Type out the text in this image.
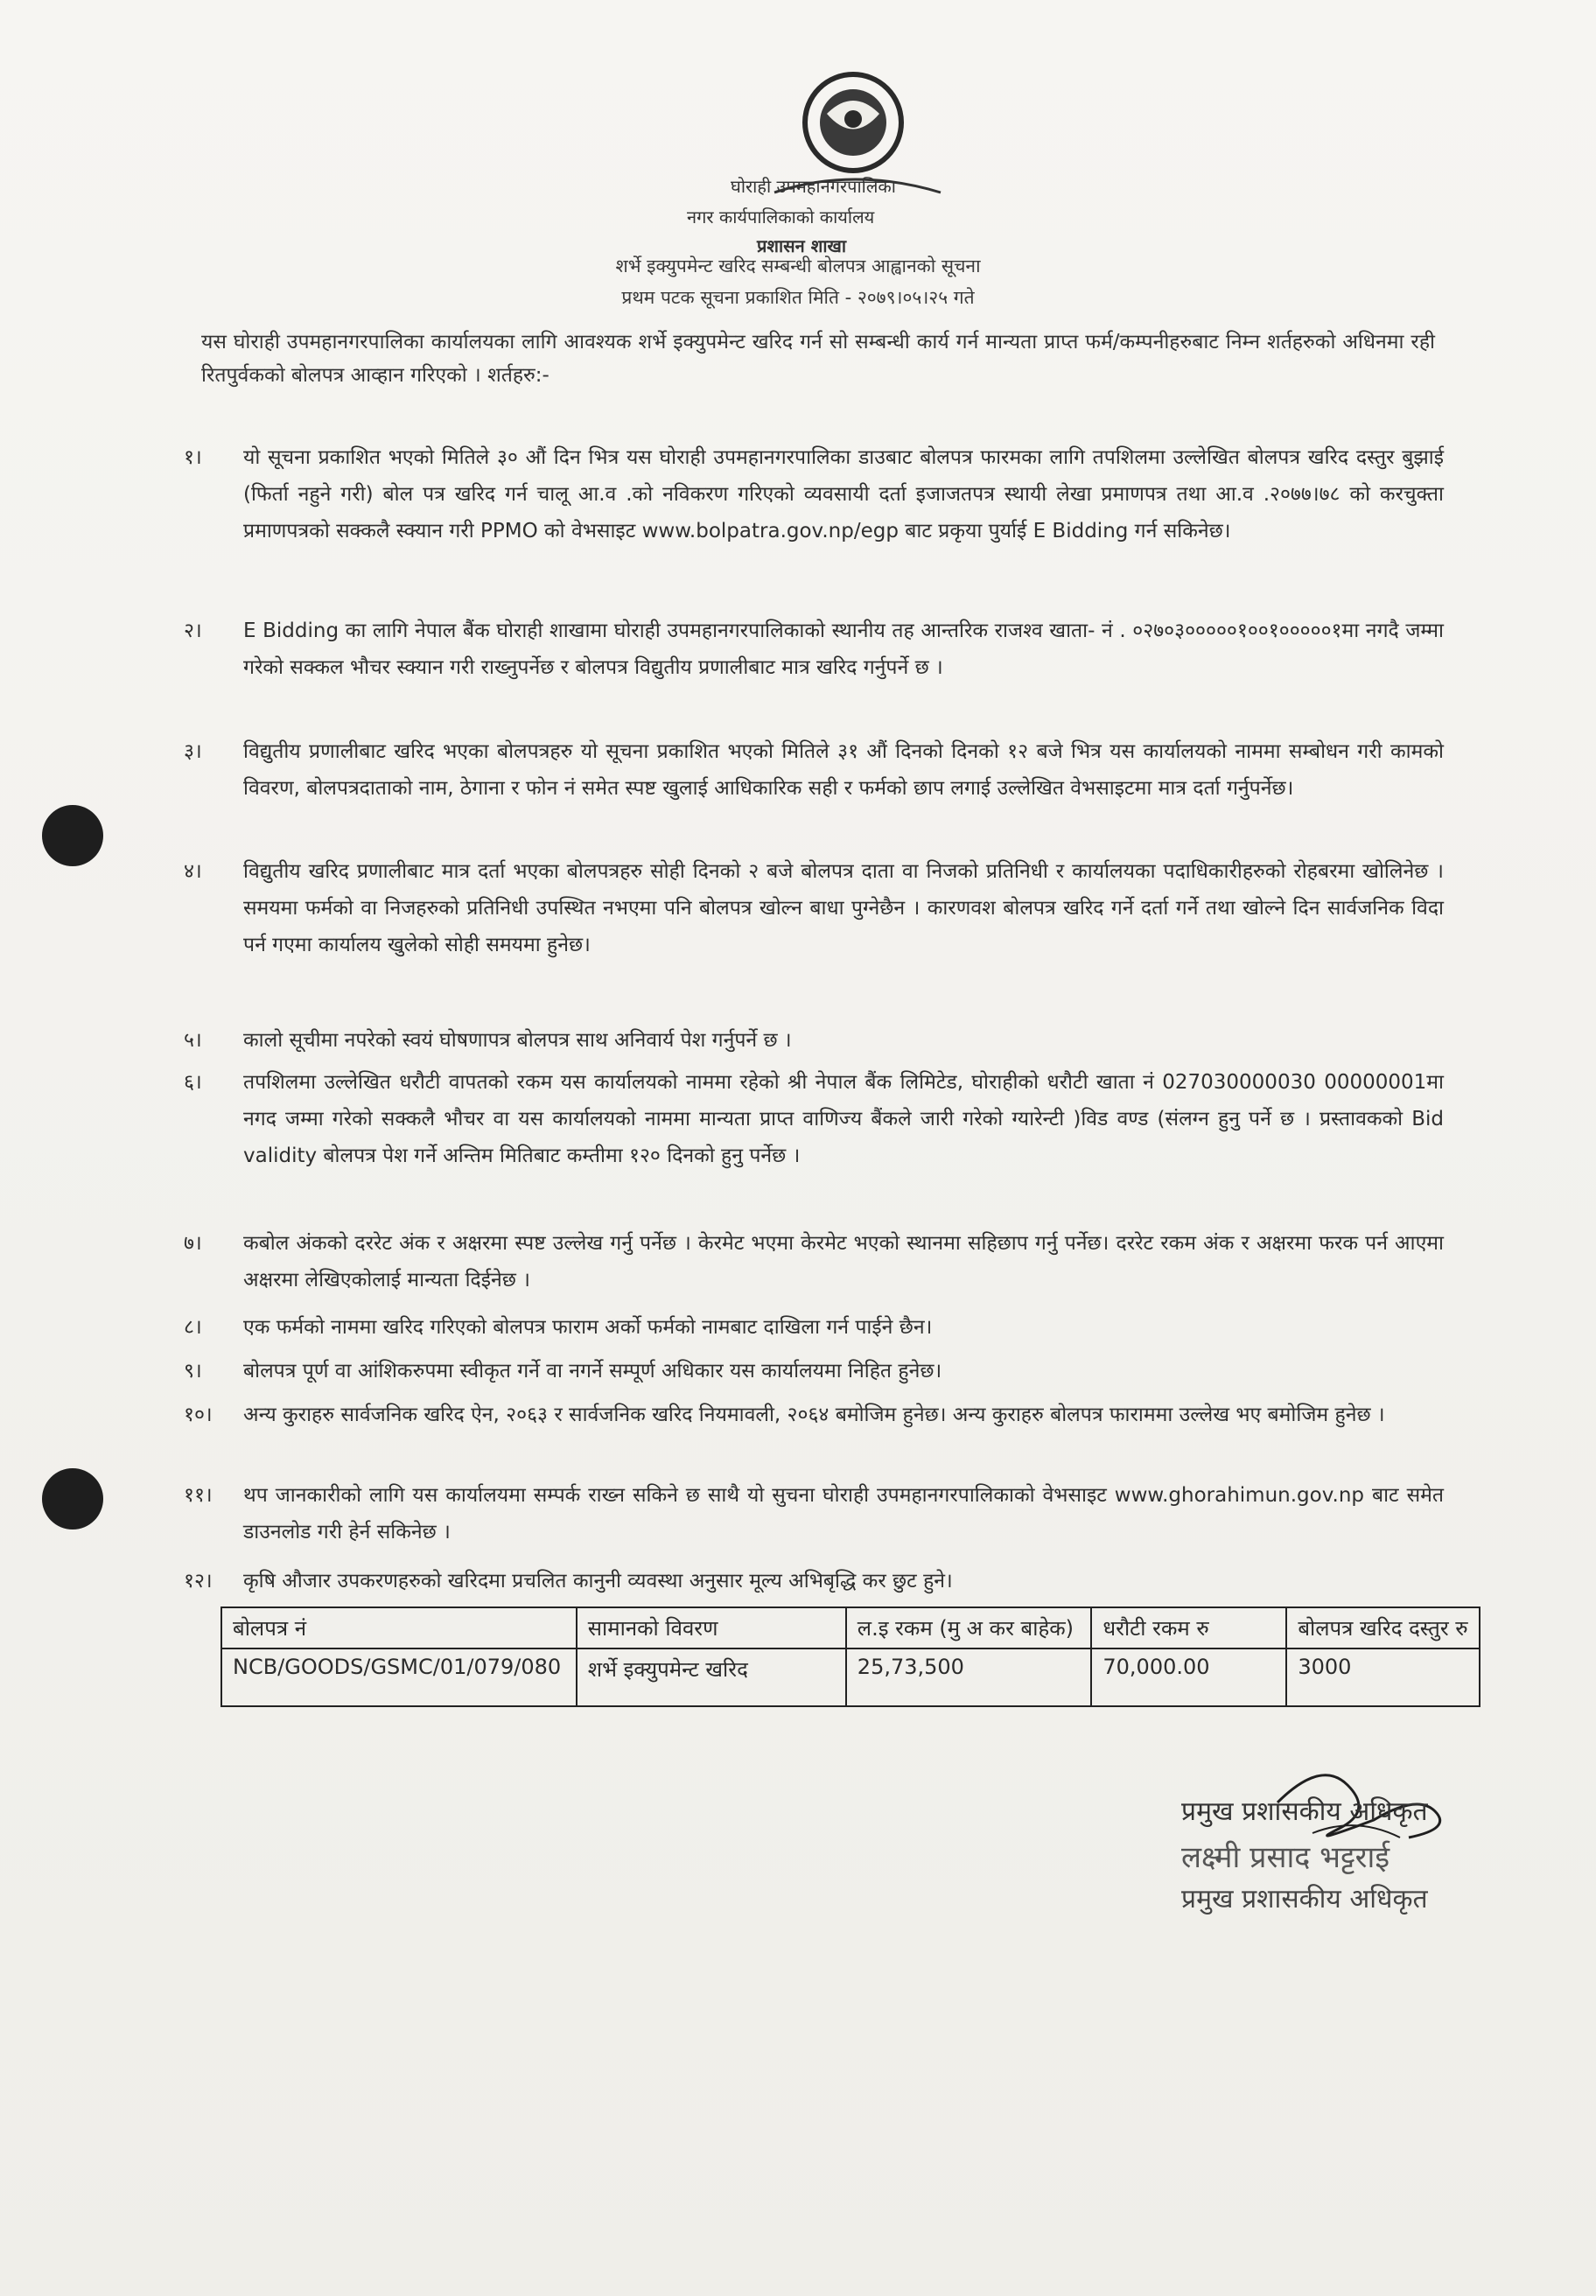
घोराही उपमहानगरपालिका
नगर कार्यपालिकाको कार्यालय
प्रशासन शाखा
शर्भे इक्युपमेन्ट खरिद सम्बन्धी बोलपत्र आह्वानको सूचना
प्रथम पटक सूचना प्रकाशित मिति - २०७९।०५।२५ गते
यस घोराही उपमहानगरपालिका कार्यालयका लागि आवश्यक शर्भे इक्युपमेन्ट खरिद गर्न सो सम्बन्धी कार्य गर्न मान्यता प्राप्त फर्म/कम्पनीहरुबाट निम्न शर्तहरुको अधिनमा रही रितपुर्वकको बोलपत्र आव्हान गरिएको । शर्तहरु:-
१।	यो सूचना प्रकाशित भएको मितिले ३० औं दिन भित्र यस घोराही उपमहानगरपालिका डाउबाट बोलपत्र फारमका लागि तपशिलमा उल्लेखित बोलपत्र खरिद दस्तुर बुझाई (फिर्ता नहुने गरी) बोल पत्र खरिद गर्न चालू आ.व .को नविकरण गरिएको व्यवसायी दर्ता इजाजतपत्र स्थायी लेखा प्रमाणपत्र तथा आ.व .२०७७।७८ को करचुक्ता प्रमाणपत्रको सक्कलै स्क्यान गरी PPMO को वेभसाइट www.bolpatra.gov.np/egp बाट प्रकृया पुर्याई E Bidding गर्न सकिनेछ।
२।	E Bidding का लागि नेपाल बैंक घोराही शाखामा घोराही उपमहानगरपालिकाको स्थानीय तह आन्तरिक राजश्व खाता- नं . ०२७०३०००००१००१०००००१मा नगदै जम्मा गरेको सक्कल भौचर स्क्यान गरी राख्नुपर्नेछ र बोलपत्र विद्युतीय प्रणालीबाट मात्र खरिद गर्नुपर्ने छ ।
३।	विद्युतीय प्रणालीबाट खरिद भएका बोलपत्रहरु यो सूचना प्रकाशित भएको मितिले ३१ औं दिनको दिनको १२ बजे भित्र यस कार्यालयको नाममा सम्बोधन गरी कामको विवरण, बोलपत्रदाताको नाम, ठेगाना र फोन नं समेत स्पष्ट खुलाई आधिकारिक सही र फर्मको छाप लगाई उल्लेखित वेभसाइटमा मात्र दर्ता गर्नुपर्नेछ।
४।	विद्युतीय खरिद प्रणालीबाट मात्र दर्ता भएका बोलपत्रहरु सोही दिनको २ बजे बोलपत्र दाता वा निजको प्रतिनिधी र कार्यालयका पदाधिकारीहरुको रोहबरमा खोलिनेछ । समयमा फर्मको वा निजहरुको प्रतिनिधी उपस्थित नभएमा पनि बोलपत्र खोल्न बाधा पुग्नेछैन । कारणवश बोलपत्र खरिद गर्ने दर्ता गर्ने तथा खोल्ने दिन सार्वजनिक विदा पर्न गएमा कार्यालय खुलेको सोही समयमा हुनेछ।
५।	कालो सूचीमा नपरेको स्वयं घोषणापत्र बोलपत्र साथ अनिवार्य पेश गर्नुपर्ने छ ।
६।	तपशिलमा उल्लेखित धरौटी वापतको रकम यस कार्यालयको नाममा रहेको श्री नेपाल बैंक लिमिटेड, घोराहीको धरौटी खाता नं 027030000030 00000001मा नगद जम्मा गरेको सक्कलै भौचर वा यस कार्यालयको नाममा मान्यता प्राप्त वाणिज्य बैंकले जारी गरेको ग्यारेन्टी )विड वण्ड (संलग्न हुनु पर्ने छ । प्रस्तावकको Bid validity बोलपत्र पेश गर्ने अन्तिम मितिबाट कम्तीमा १२० दिनको हुनु पर्नेछ ।
७।	कबोल अंकको दररेट अंक र अक्षरमा स्पष्ट उल्लेख गर्नु पर्नेछ । केरमेट भएमा केरमेट भएको स्थानमा सहिछाप गर्नु पर्नेछ। दररेट रकम अंक र अक्षरमा फरक पर्न आएमा अक्षरमा लेखिएकोलाई मान्यता दिईनेछ ।
८।	एक फर्मको नाममा खरिद गरिएको बोलपत्र फाराम अर्को फर्मको नामबाट दाखिला गर्न पाईने छैन।
९।	बोलपत्र पूर्ण वा आंशिकरुपमा स्वीकृत गर्ने वा नगर्ने सम्पूर्ण अधिकार यस कार्यालयमा निहित हुनेछ।
१०।	अन्य कुराहरु सार्वजनिक खरिद ऐन, २०६३ र सार्वजनिक खरिद नियमावली, २०६४ बमोजिम हुनेछ। अन्य कुराहरु बोलपत्र फाराममा उल्लेख भए बमोजिम हुनेछ ।
११।	थप जानकारीको लागि यस कार्यालयमा सम्पर्क राख्न सकिने छ साथै यो सुचना घोराही उपमहानगरपालिकाको वेभसाइट www.ghorahimun.gov.np बाट समेत डाउनलोड गरी हेर्न सकिनेछ ।
१२।	कृषि औजार उपकरणहरुको खरिदमा प्रचलित कानुनी व्यवस्था अनुसार मूल्य अभिबृद्धि कर छुट हुने।
बोलपत्र नं	सामानको विवरण	ल.इ रकम (मु अ कर बाहेक)	धरौटी रकम रु	बोलपत्र खरिद दस्तुर रु
NCB/GOODS/GSMC/01/079/080	शर्भे इक्युपमेन्ट खरिद	25,73,500	70,000.00	3000
प्रमुख प्रशासकीय अधिकृत
लक्ष्मी प्रसाद भट्टराई
प्रमुख प्रशासकीय अधिकृत
